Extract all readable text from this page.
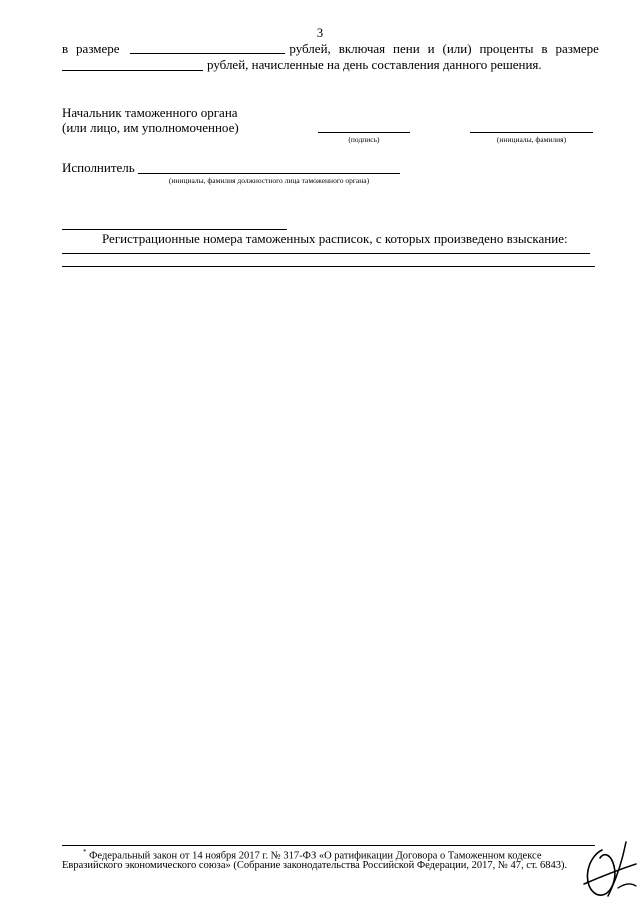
3
в размере	рублей, включая пени и (или) проценты в размере
рублей, начисленные на день составления данного решения.
Начальник таможенного органа
(или лицо, им уполномоченное)
(подпись)	(инициалы, фамилия)
Исполнитель
(инициалы, фамилия должностного лица таможенного органа)
Регистрационные номера таможенных расписок, с которых произведено взыскание:
* Федеральный закон от 14 ноября 2017 г. № 317-ФЗ «О ратификации Договора о Таможенном кодексе
Евразийского экономического союза» (Собрание законодательства Российской Федерации, 2017, № 47, ст. 6843).
